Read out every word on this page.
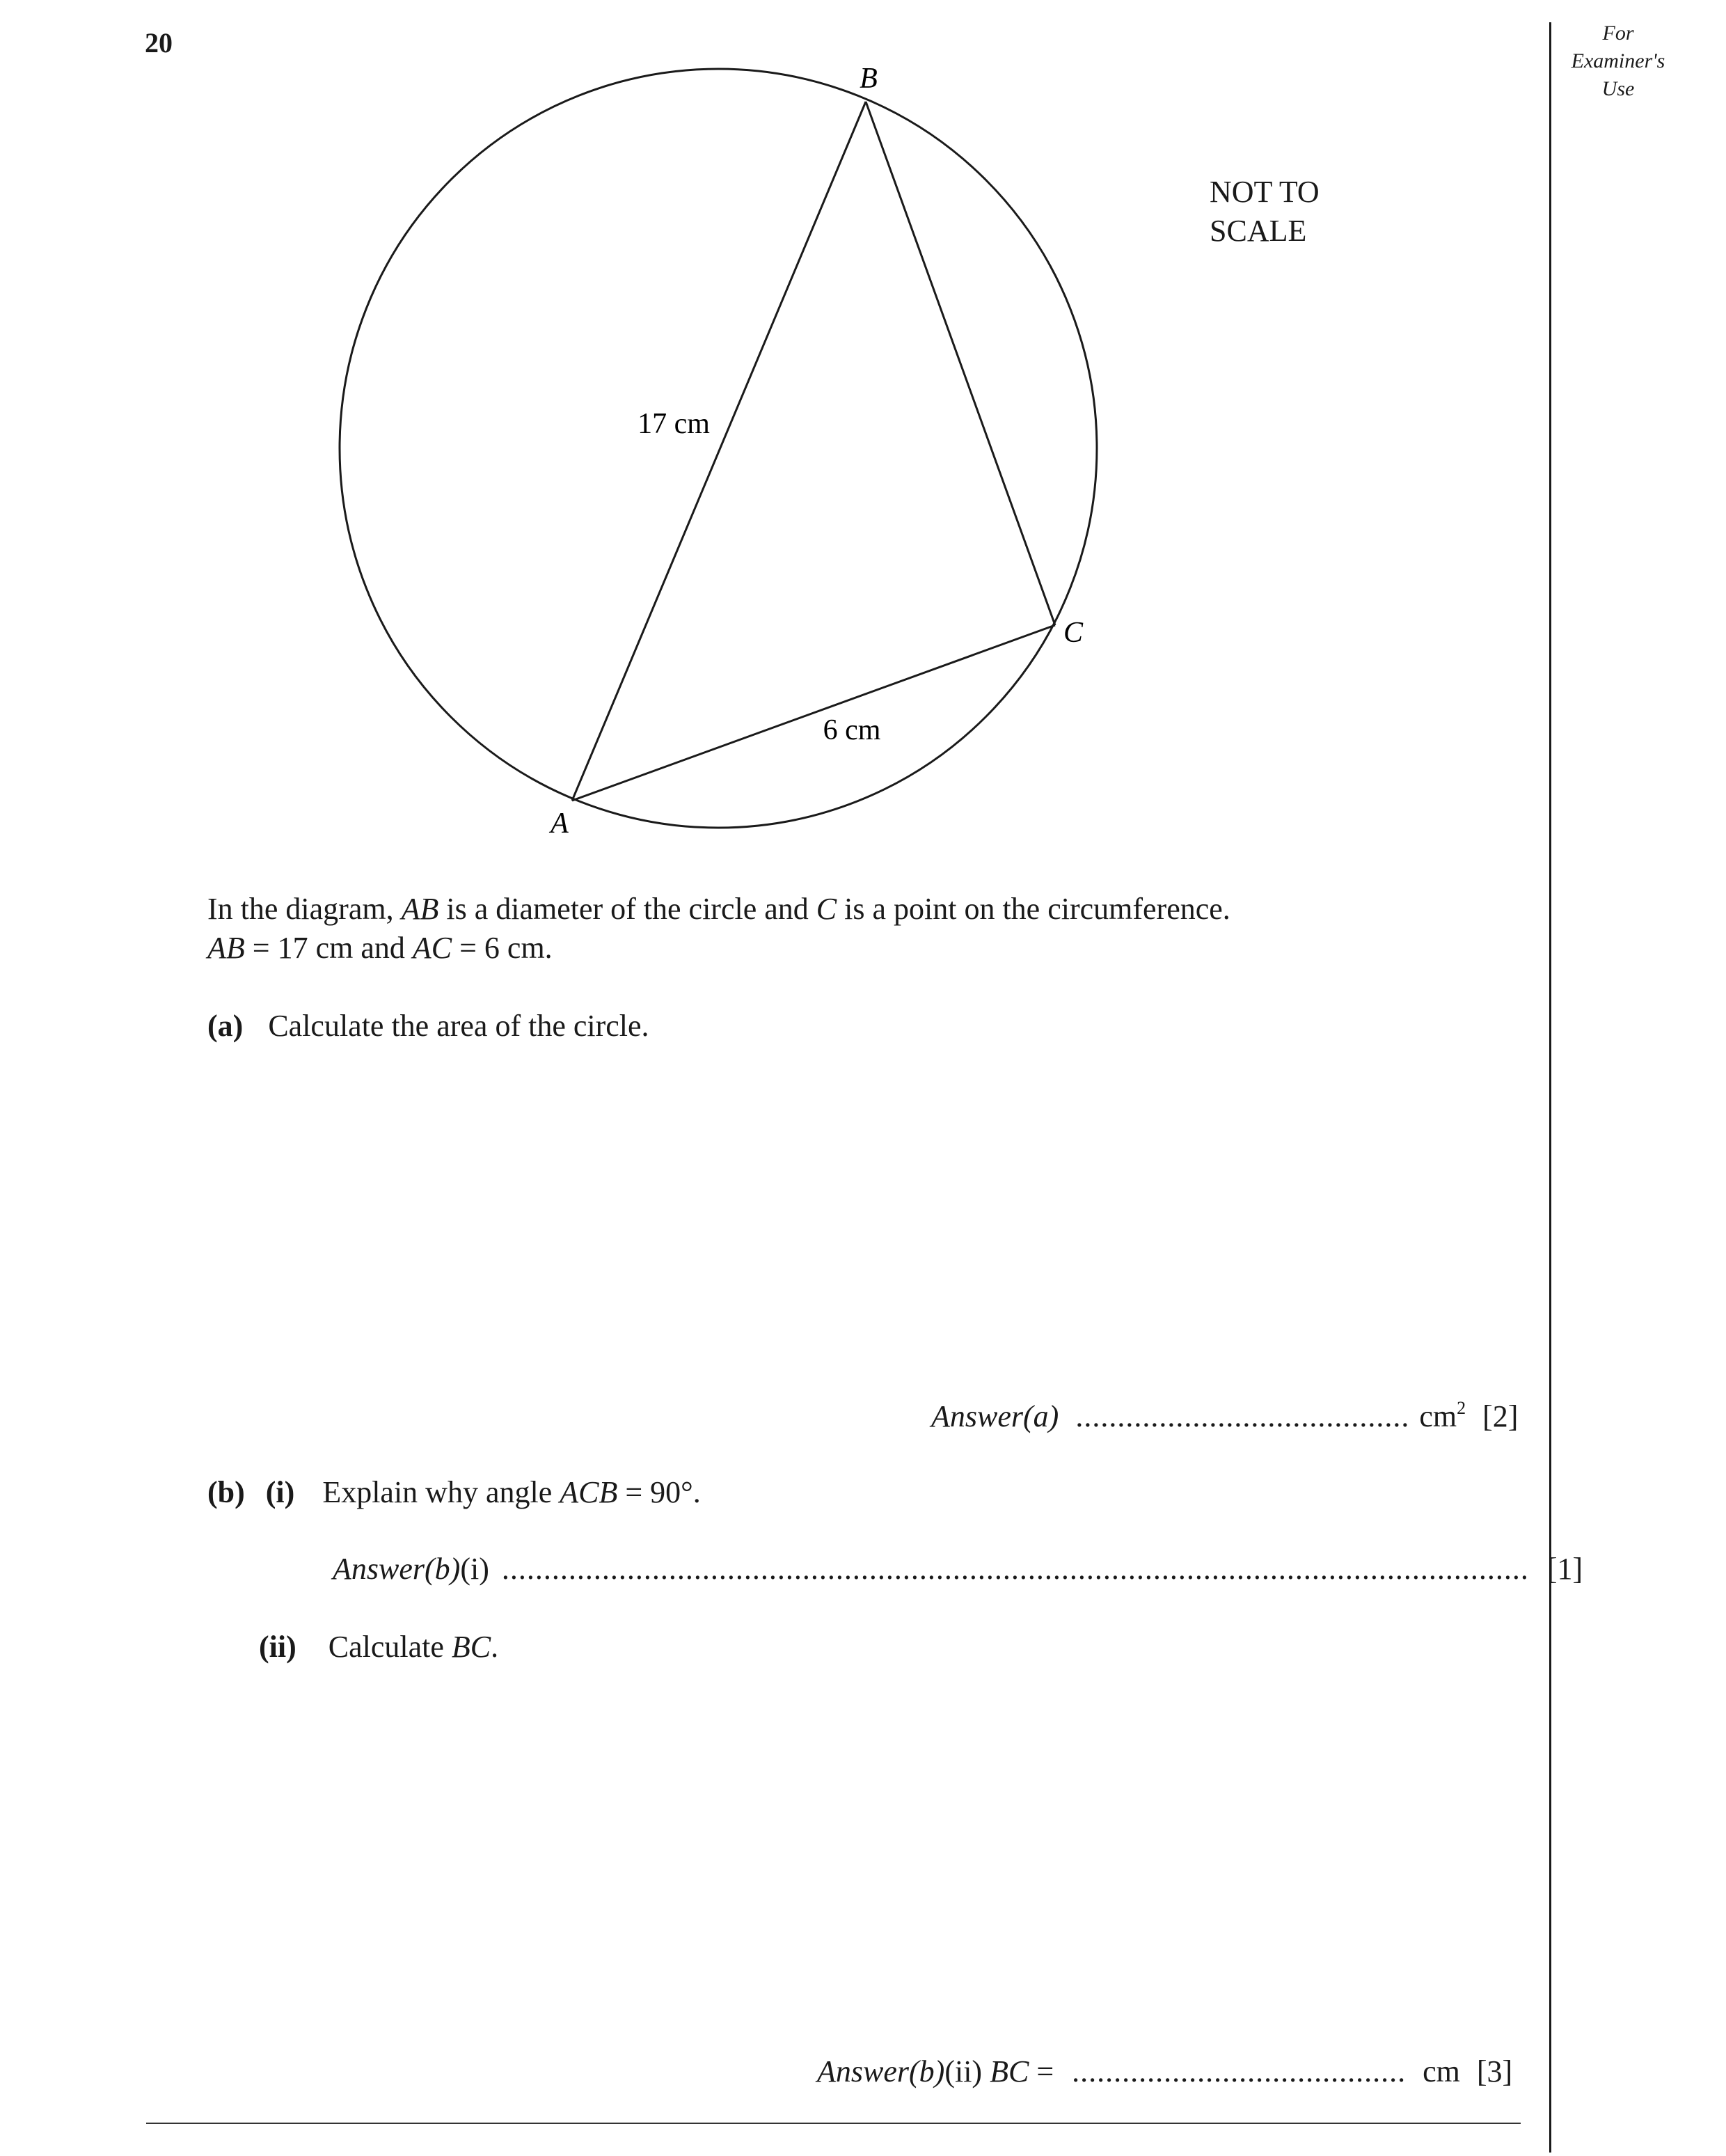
20	For
Examiner's
Use
B
C
A
17 cm
6 cm
NOT TO
SCALE
In the diagram, AB is a diameter of the circle and C is a point on the circumference.
AB = 17 cm and AC = 6 cm.
(a) Calculate the area of the circle.
Answer(a) ........................................ $cm^2$ [2]
(b) (i) Explain why angle ACB = 90°.
Answer(b)(i) ........................................................................................................................... [1]
(ii) Calculate BC.
Answer(b)(ii) BC = ........................................ cm [3]
